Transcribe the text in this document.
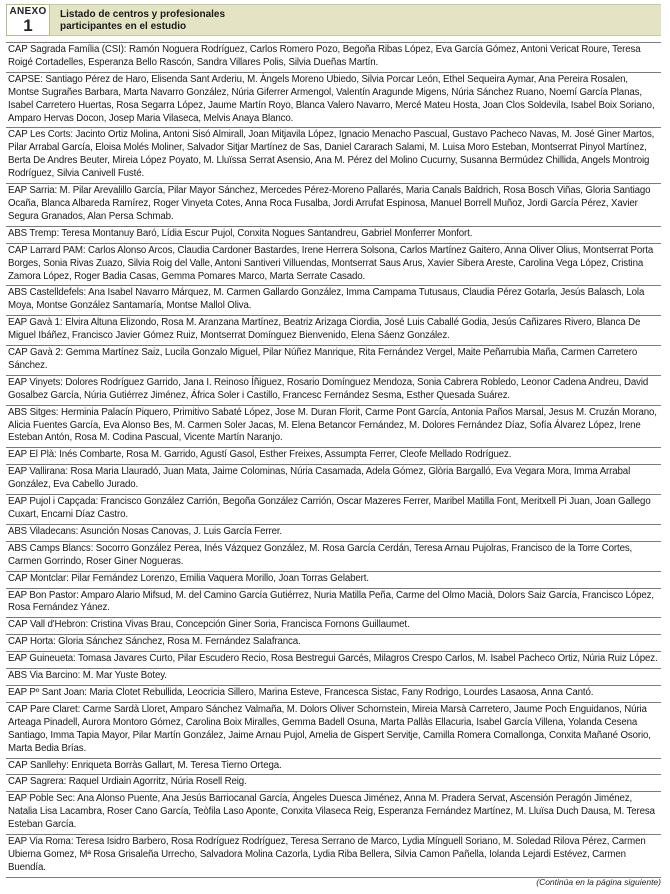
ANEXO
1
Listado de centros y profesionales
participantes en el estudio
CAP Sagrada Família (CSI): Ramón Noguera Rodríguez, Carlos Romero Pozo, Begoña Ribas López, Eva García Gómez, Antoni Vericat Roure, Teresa Roigé Cortadelles, Esperanza Bello Rascón, Sandra Villares Polis, Silvia Dueñas Martín.
CAPSE: Santiago Pérez de Haro, Elisenda Sant Arderiu, M. Àngels Moreno Ubiedo, Silvia Porcar León, Ethel Sequeira Aymar, Ana Pereira Rosalen, Montse Sugrañes Barbara, Marta Navarro González, Núria Giferrer Armengol, Valentín Aragunde Migens, Núria Sánchez Ruano, Noemí García Planas, Isabel Carretero Huertas, Rosa Segarra López, Jaume Martín Royo, Blanca Valero Navarro, Mercé Mateu Hosta, Joan Clos Soldevila, Isabel Boix Soriano, Amparo Hervas Docon, Josep Maria Vilaseca, Melvis Anaya Blanco.
CAP Les Corts: Jacinto Ortiz Molina, Antoni Sisó Almirall, Joan Mitjavila López, Ignacio Menacho Pascual, Gustavo Pacheco Navas, M. José Giner Martos, Pilar Arrabal García, Eloisa Molés Moliner, Salvador Sitjar Martínez de Sas, Daniel Cararach Salami, M. Luisa Moro Esteban, Montserrat Pinyol Martínez, Berta De Andres Beuter, Mireia López Poyato, M. Lluïssa Serrat Asensio, Ana M. Pérez del Molino Cucurny, Susanna Bermúdez Chillida, Angels Montroig Rodríguez, Silvia Canivell Fusté.
EAP Sarria: M. Pilar Arevalillo García, Pilar Mayor Sánchez, Mercedes Pérez-Moreno Pallarés, Maria Canals Baldrich, Rosa Bosch Viñas, Gloria Santiago Ocaña, Blanca Albareda Ramírez, Roger Vinyeta Cotes, Anna Roca Fusalba, Jordi Arrufat Espinosa, Manuel Borrell Muñoz, Jordi García Pérez, Xavier Segura Granados, Alan Persa Schmab.
ABS Tremp: Teresa Montanuy Baró, Lídia Escur Pujol, Conxita Nogues Santandreu, Gabriel Monferrer Monfort.
CAP Larrard PAM: Carlos Alonso Arcos, Claudia Cardoner Bastardes, Irene Herrera Solsona, Carlos Martínez Gaitero, Anna Oliver Olius, Montserrat Porta Borges, Sonia Rivas Zuazo, Silvia Roig del Valle, Antoni Santiveri Villuendas, Montserrat Saus Arus, Xavier Sibera Areste, Carolina Vega López, Cristina Zamora López, Roger Badia Casas, Gemma Pomares Marco, Marta Serrate Casado.
ABS Castelldefels: Ana Isabel Navarro Márquez, M. Carmen Gallardo González, Imma Campama Tutusaus, Claudia Pérez Gotarla, Jesús Balasch, Lola Moya, Montse González Santamaría, Montse Mallol Oliva.
EAP Gavà 1: Elvira Altuna Elizondo, Rosa M. Aranzana Martínez, Beatriz Arizaga Ciordia, José Luis Caballé Godia, Jesús Cañizares Rivero, Blanca De Miguel Ibáñez, Francisco Javier Gómez Ruiz, Montserrat Domínguez Bienvenido, Elena Sáenz González.
CAP Gavà 2: Gemma Martínez Saiz, Lucila Gonzalo Miguel, Pilar Núñez Manrique, Rita Fernández Vergel, Maite Peñarrubia Maña, Carmen Carretero Sánchez.
EAP Vinyets: Dolores Rodríguez Garrido, Jana I. Reinoso Íñiguez, Rosario Domínguez Mendoza, Sonia Cabrera Robledo, Leonor Cadena Andreu, David Gosalbez García, Núria Gutiérrez Jiménez, África Soler i Castillo, Francesc Fernández Sesma, Esther Quesada Suárez.
ABS Sitges: Herminia Palacín Piquero, Primitivo Sabaté López, Jose M. Duran Florit, Carme Pont García, Antonia Paños Marsal, Jesus M. Cruzán Morano, Alicia Fuentes García, Eva Alonso Bes, M. Carmen Soler Jacas, M. Elena Betancor Fernández, M. Dolores Fernández Díaz, Sofía Álvarez López, Irene Esteban Antón, Rosa M. Codina Pascual, Vicente Martín Naranjo.
EAP El Plà: Inés Combarte, Rosa M. Garrido, Agustí Gasol, Esther Freixes, Assumpta Ferrer, Cleofe Mellado Rodríguez.
EAP Vallirana: Rosa Maria Llauradó, Juan Mata, Jaime Colominas, Núria Casamada, Adela Gómez, Glòria Bargalló, Eva Vegara Mora, Imma Arrabal González, Eva Cabello Jurado.
EAP Pujol i Capçada: Francisco González Carrión, Begoña González Carrión, Oscar Mazeres Ferrer, Maribel Matilla Font, Meritxell Pi Juan, Joan Gallego Cuxart, Encarni Díaz Castro.
ABS Viladecans: Asunción Nosas Canovas, J. Luis García Ferrer.
ABS Camps Blancs: Socorro González Perea, Inés Vázquez González, M. Rosa García Cerdán, Teresa Arnau Pujolras, Francisco de la Torre Cortes, Carmen Gorrindo, Roser Giner Nogueras.
CAP Montclar: Pilar Fernández Lorenzo, Emilia Vaquera Morillo, Joan Torras Gelabert.
EAP Bon Pastor: Amparo Alario Mifsud, M. del Camino García Gutiérrez, Nuria Matilla Peña, Carme del Olmo Macià, Dolors Saiz García, Francisco López, Rosa Fernández Yánez.
CAP Vall d'Hebron: Cristina Vivas Brau, Concepción Giner Soria, Francisca Fornons Guillaumet.
CAP Horta: Gloria Sánchez Sánchez, Rosa M. Fernández Salafranca.
EAP Guineueta: Tomasa Javares Curto, Pilar Escudero Recio, Rosa Bestregui Garcés, Milagros Crespo Carlos, M. Isabel Pacheco Ortiz, Núria Ruiz López.
ABS Via Barcino: M. Mar Yuste Botey.
EAP Pº Sant Joan: Maria Clotet Rebullida, Leocricia Sillero, Marina Esteve, Francesca Sistac, Fany Rodrigo, Lourdes Lasaosa, Anna Cantó.
CAP Pare Claret: Carme Sardà Lloret, Amparo Sánchez Valmaña, M. Dolors Oliver Schornstein, Mireia Marsà Carretero, Jaume Poch Enguidanos, Núria Arteaga Pinadell, Aurora Montoro Gómez, Carolina Boix Miralles, Gemma Badell Osuna, Marta Pallàs Ellacuria, Isabel García Villena, Yolanda Cesena Santiago, Imma Tapia Mayor, Pilar Martín González, Jaime Arnau Pujol, Amelia de Gispert Servitje, Camilla Romera Comallonga, Conxita Mañané Osorio, Marta Bedia Brías.
CAP Sanllehy: Enriqueta Borràs Gallart, M. Teresa Tierno Ortega.
CAP Sagrera: Raquel Urdiain Agorritz, Núria Rosell Reig.
EAP Poble Sec: Ana Alonso Puente, Ana Jesús Barriocanal García, Ángeles Duesca Jiménez, Anna M. Pradera Servat, Ascensión Peragón Jiménez, Natalia Lisa Lacambra, Roser Cano García, Teòfila Laso Aponte, Conxita Vilaseca Reig, Esperanza Fernández Martínez, M. Lluïsa Duch Dausa, M. Teresa Esteban García.
EAP Via Roma: Teresa Isidro Barbero, Rosa Rodríguez Rodríguez, Teresa Serrano de Marco, Lydia Mínguell Soriano, M. Soledad Rilova Pérez, Carmen Ubierna Gomez, Mª Rosa Grisaleña Urrecho, Salvadora Molina Cazorla, Lydia Riba Bellera, Silvia Camon Pañella, Iolanda Lejardi Estévez, Carmen Buendía.
(Continúa en la página siguiente)
